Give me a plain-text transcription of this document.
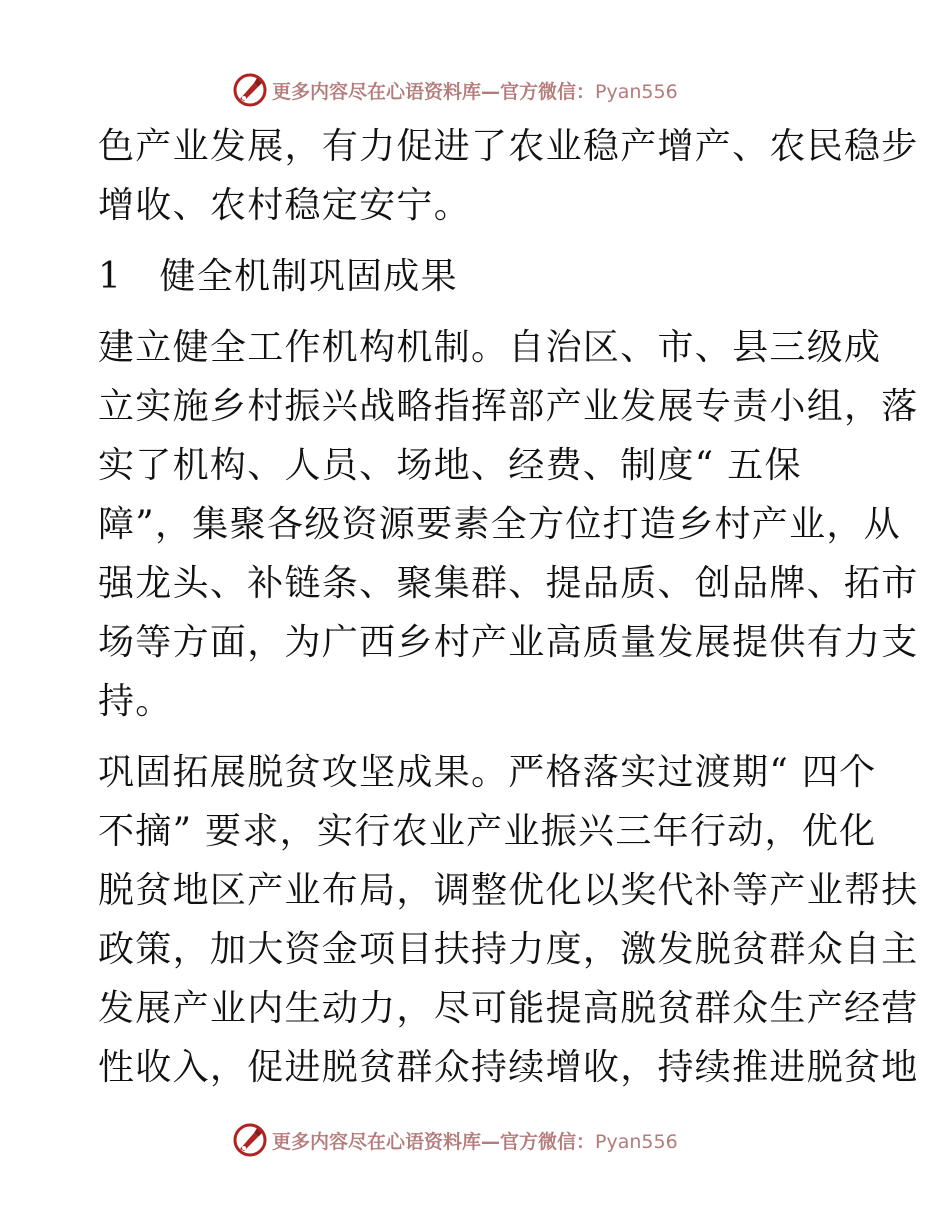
更多内容尽在心语资料库—官方微信：Pyan556
色产业发展，有力促进了农业稳产增产、农民稳步
增收、农村稳定安宁。
1　健全机制巩固成果
建立健全工作机构机制。自治区、市、县三级成
立实施乡村振兴战略指挥部产业发展专责小组，落
实了机构、人员、场地、经费、制度“ 五保
障”，集聚各级资源要素全方位打造乡村产业，从
强龙头、补链条、聚集群、提品质、创品牌、拓市
场等方面，为广西乡村产业高质量发展提供有力支
持。
巩固拓展脱贫攻坚成果。严格落实过渡期“ 四个
不摘” 要求，实行农业产业振兴三年行动，优化
脱贫地区产业布局，调整优化以奖代补等产业帮扶
政策，加大资金项目扶持力度，激发脱贫群众自主
发展产业内生动力，尽可能提高脱贫群众生产经营
性收入，促进脱贫群众持续增收，持续推进脱贫地
更多内容尽在心语资料库—官方微信：Pyan556
